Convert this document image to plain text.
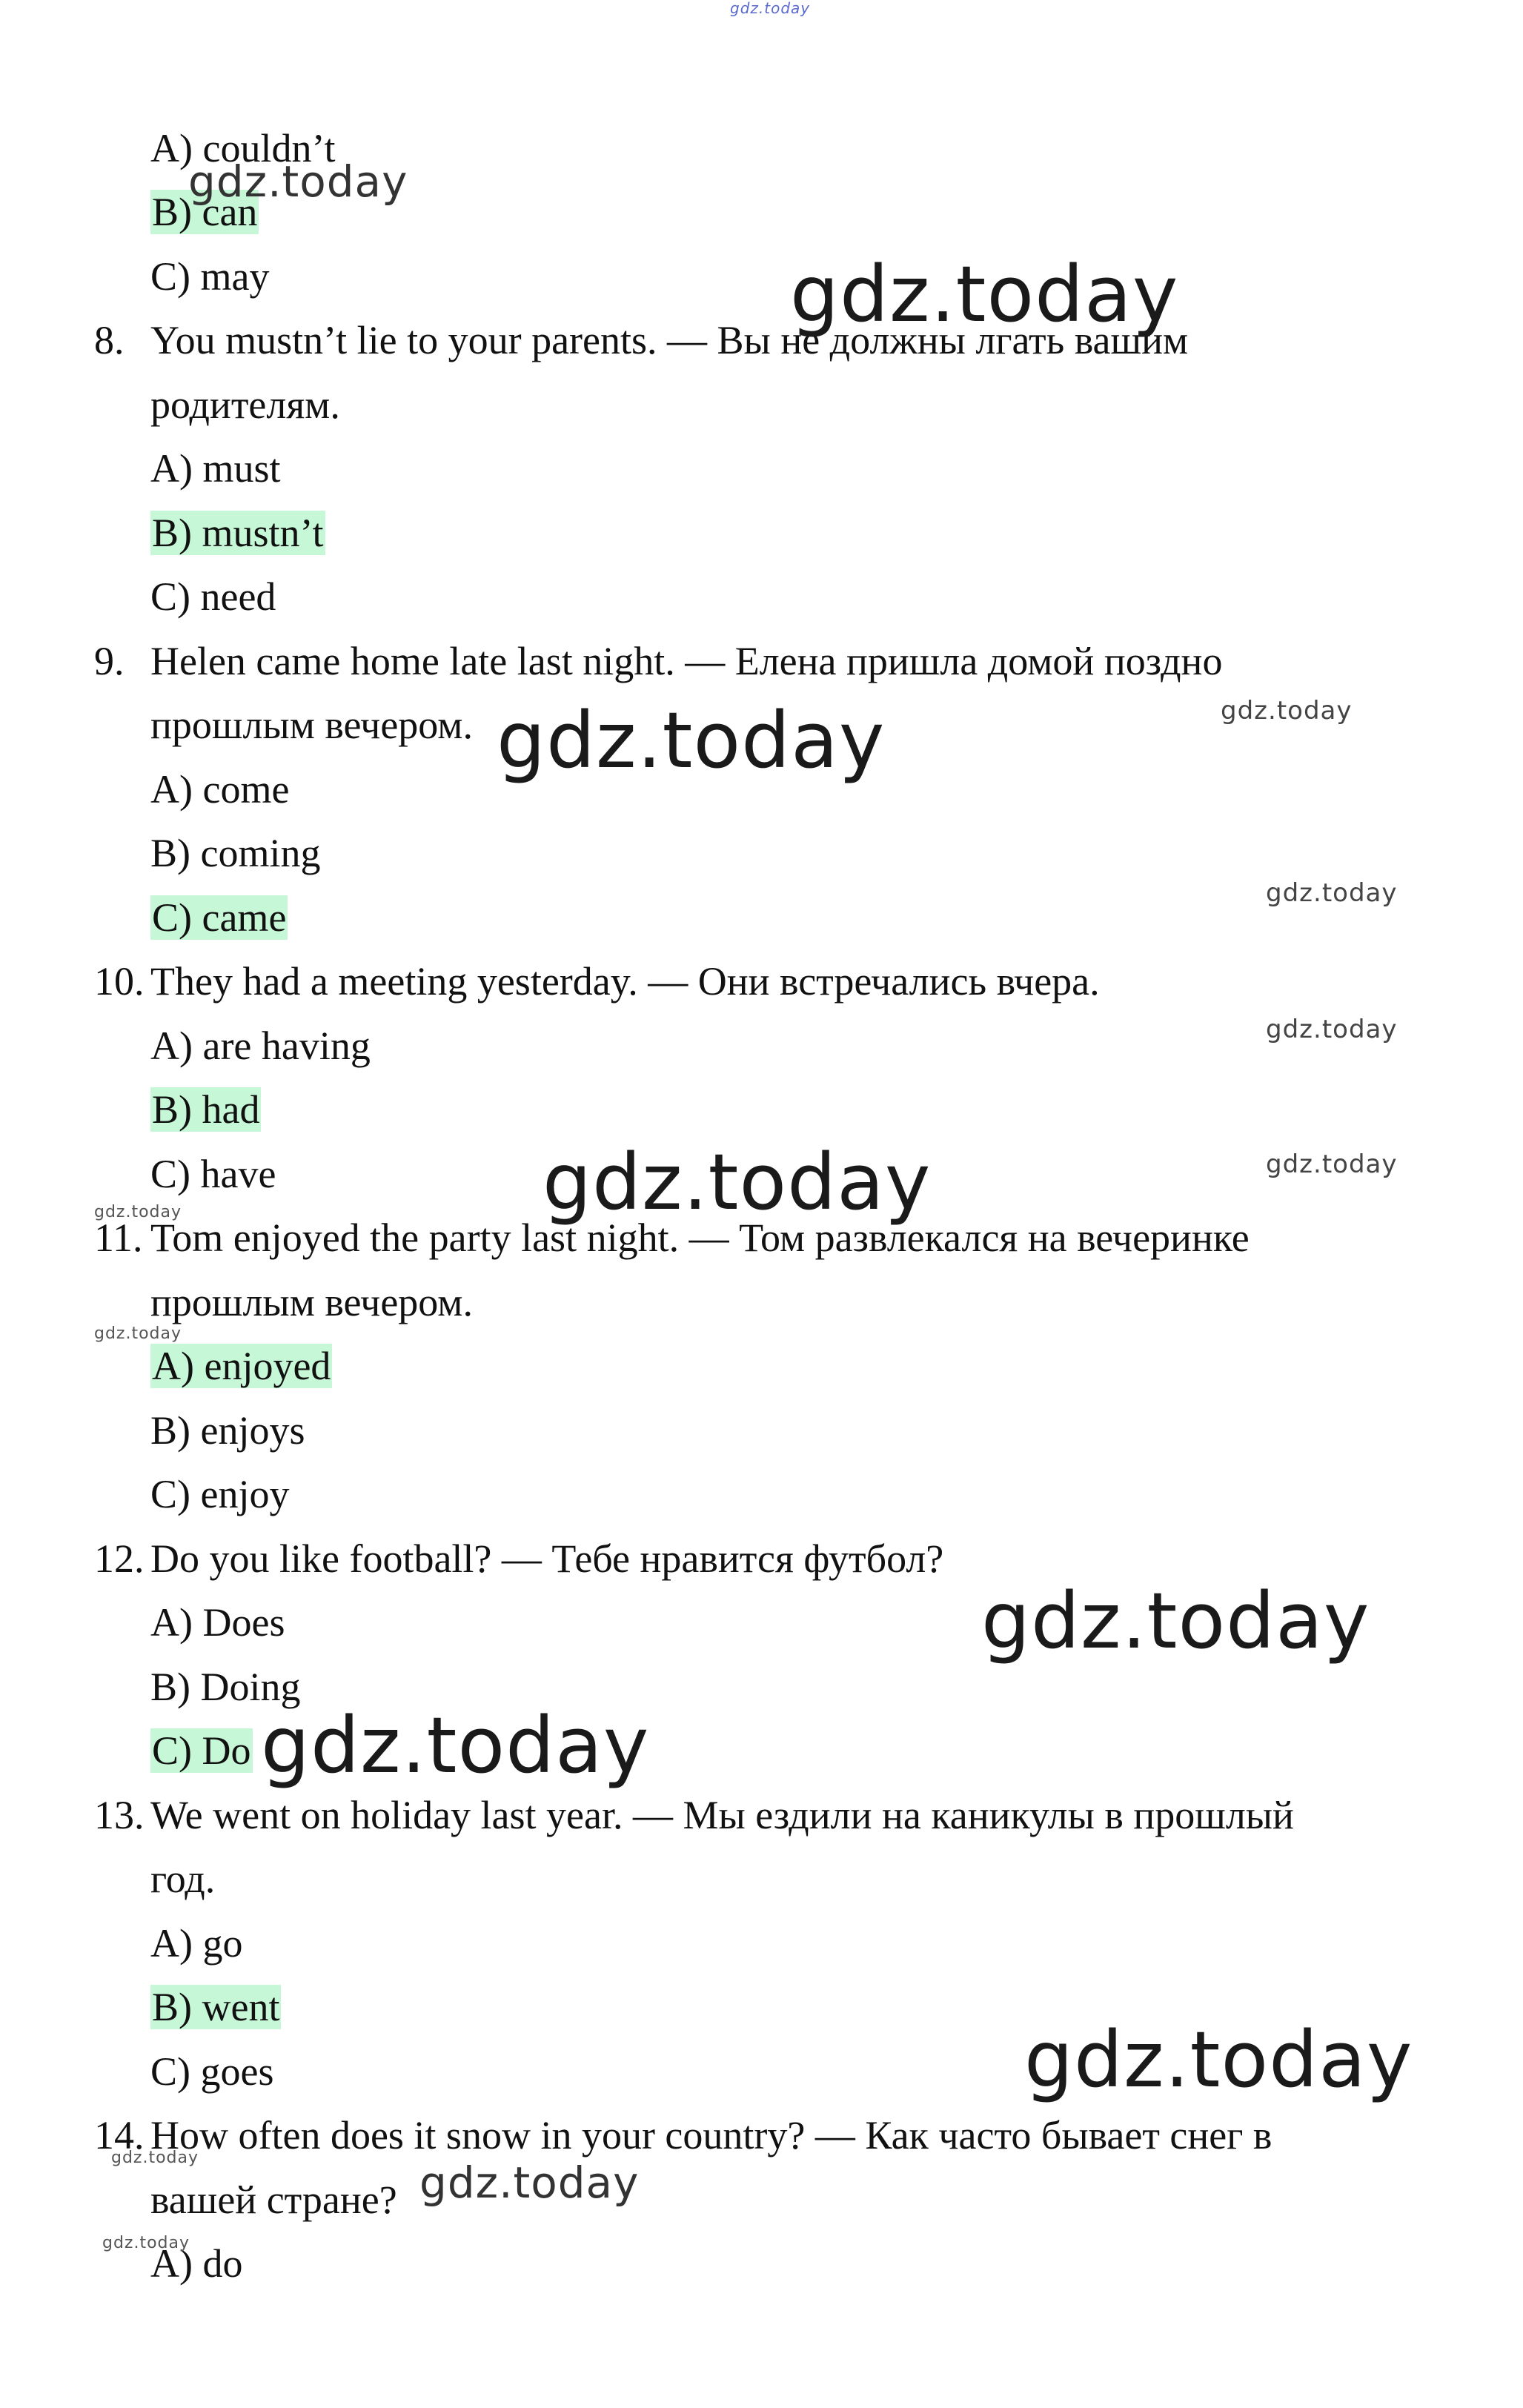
gdz.today
A) couldn’t
B) can
C) may
8. You mustn’t lie to your parents. — Вы не должны лгать вашим
родителям.
A) must
B) mustn’t
C) need
9. Helen came home late last night. — Елена пришла домой поздно
прошлым вечером.
A) come
B) coming
C) came
10. They had a meeting yesterday. — Они встречались вчера.
A) are having
B) had
C) have
11. Tom enjoyed the party last night. — Том развлекался на вечеринке
прошлым вечером.
A) enjoyed
B) enjoys
C) enjoy
12. Do you like football? — Тебе нравится футбол?
A) Does
B) Doing
C) Do
13. We went on holiday last year. — Мы ездили на каникулы в прошлый
год.
A) go
B) went
C) goes
14. How often does it snow in your country? — Как часто бывает снег в
вашей стране?
A) do
gdz.today
gdz.today
gdz.today	gdz.today
gdz.today
gdz.today
gdz.today
gdz.today
gdz.today
gdz.today
gdz.today
gdz.today
gdz.today
gdz.today	gdz.today
gdz.today
